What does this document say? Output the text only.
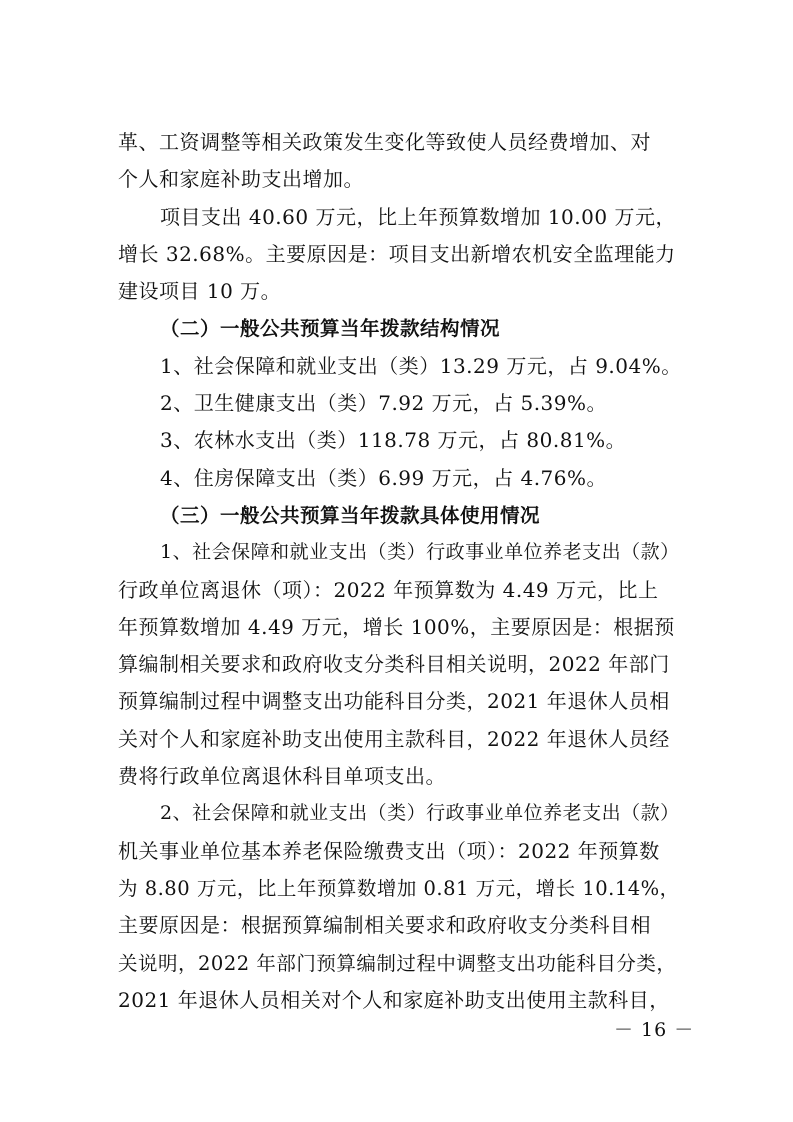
革、工资调整等相关政策发生变化等致使人员经费增加、对
个人和家庭补助支出增加。
项目支出 40.60 万元，比上年预算数增加 10.00 万元，
增长 32.68%。主要原因是：项目支出新增农机安全监理能力
建设项目 10 万。
（二）一般公共预算当年拨款结构情况
1、社会保障和就业支出（类）13.29 万元，占 9.04%。
2、卫生健康支出（类）7.92 万元，占 5.39%。
3、农林水支出（类）118.78 万元，占 80.81%。
4、住房保障支出（类）6.99 万元，占 4.76%。
（三）一般公共预算当年拨款具体使用情况
1、社会保障和就业支出（类）行政事业单位养老支出（款）
行政单位离退休（项）：2022 年预算数为 4.49 万元，比上
年预算数增加 4.49 万元，增长 100%，主要原因是：根据预
算编制相关要求和政府收支分类科目相关说明，2022 年部门
预算编制过程中调整支出功能科目分类，2021 年退休人员相
关对个人和家庭补助支出使用主款科目，2022 年退休人员经
费将行政单位离退休科目单项支出。
2、社会保障和就业支出（类）行政事业单位养老支出（款）
机关事业单位基本养老保险缴费支出（项）：2022 年预算数
为 8.80 万元，比上年预算数增加 0.81 万元，增长 10.14%，
主要原因是：根据预算编制相关要求和政府收支分类科目相
关说明，2022 年部门预算编制过程中调整支出功能科目分类，
2021 年退休人员相关对个人和家庭补助支出使用主款科目，
－ 16 －
